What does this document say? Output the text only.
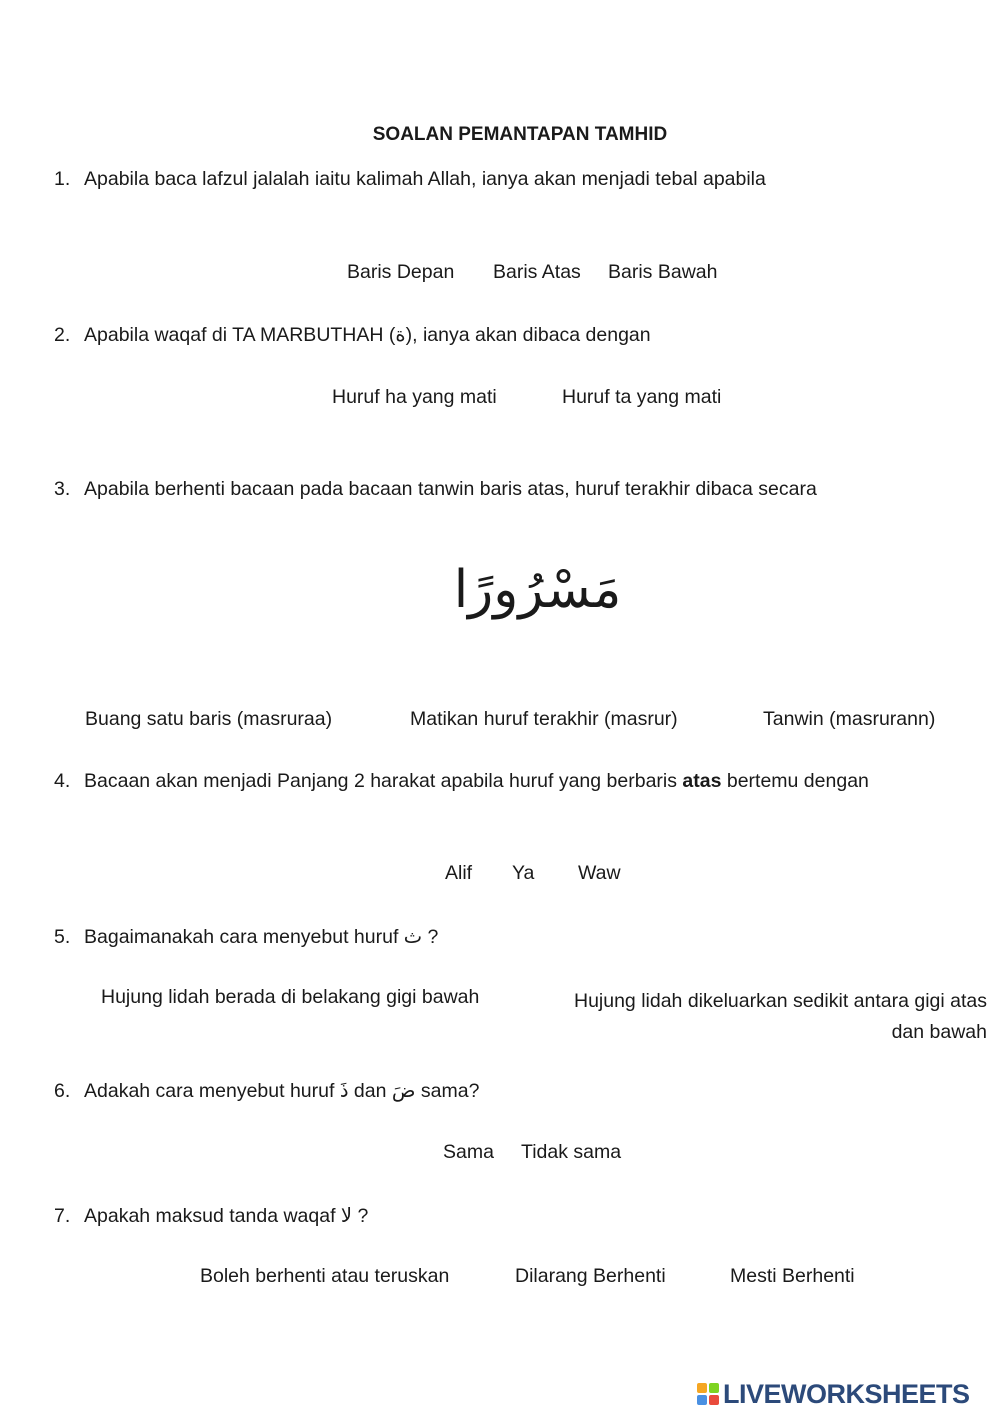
SOALAN PEMANTAPAN TAMHID
1. Apabila baca lafzul jalalah iaitu kalimah Allah, ianya akan menjadi tebal apabila
Baris Depan Baris Atas Baris Bawah
2. Apabila waqaf di TA MARBUTHAH (ة), ianya akan dibaca dengan
Huruf ha yang mati	Huruf ta yang mati
3. Apabila berhenti bacaan pada bacaan tanwin baris atas, huruf terakhir dibaca secara
مَسْرُورًا
Buang satu baris (masruraa)	Matikan huruf terakhir (masrur)	Tanwin (masrurann)
4. Bacaan akan menjadi Panjang 2 harakat apabila huruf yang berbaris atas bertemu dengan
Alif Ya Waw
5. Bagaimanakah cara menyebut huruf ث ?
Hujung lidah berada di belakang gigi bawah	Hujung lidah dikeluarkan sedikit antara gigi atas
dan bawah
6. Adakah cara menyebut huruf ذَ dan ضَ sama?
Sama Tidak sama
7. Apakah maksud tanda waqaf لا ?
Boleh berhenti atau teruskan	Dilarang Berhenti	Mesti Berhenti
LIVEWORKSHEETS
